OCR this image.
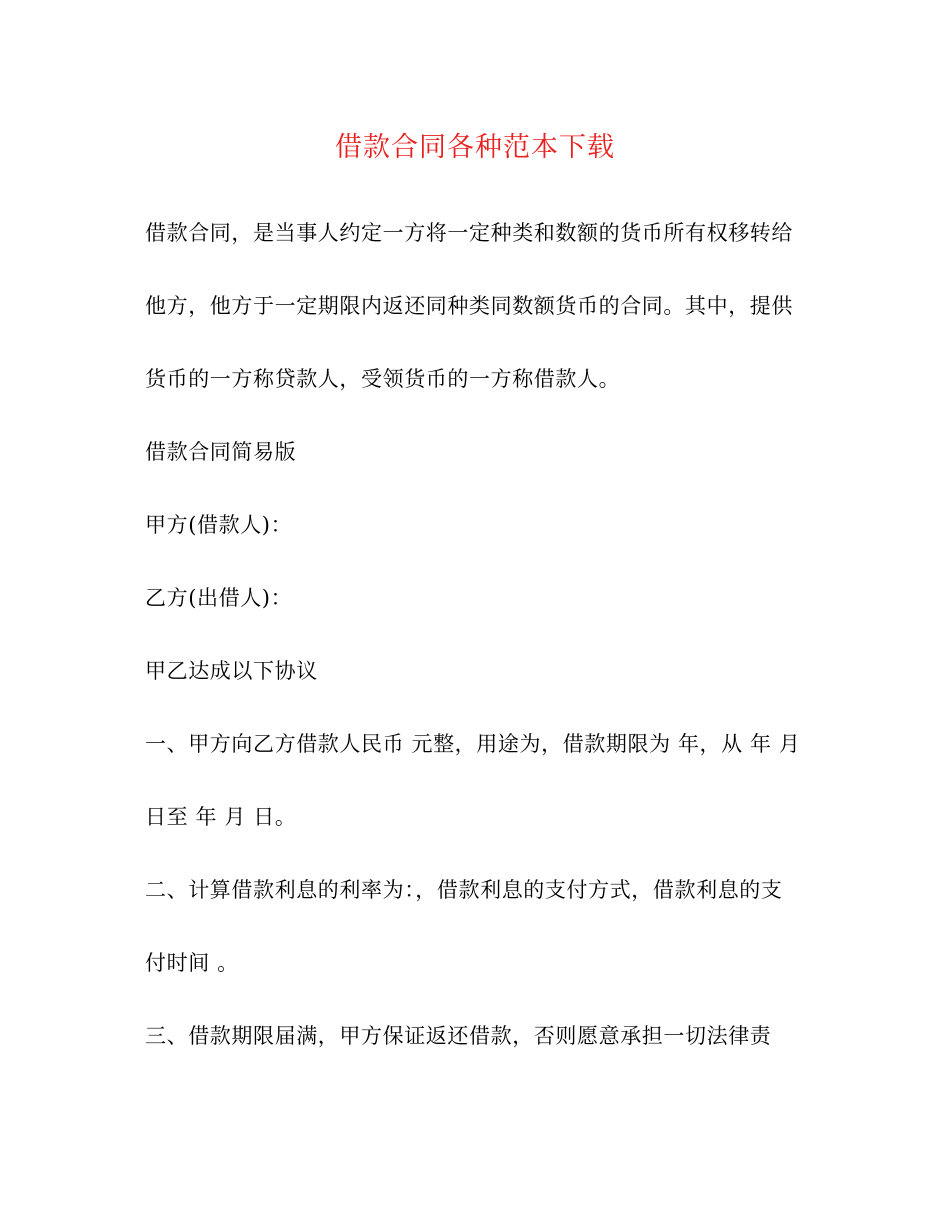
借款合同各种范本下载
借款合同，是当事人约定一方将一定种类和数额的货币所有权移转给
他方，他方于一定期限内返还同种类同数额货币的合同。其中，提供
货币的一方称贷款人，受领货币的一方称借款人。
借款合同简易版
甲方(借款人)：
乙方(出借人)：
甲乙达成以下协议
一、甲方向乙方借款人民币 元整，用途为，借款期限为 年，从 年 月
日至 年 月 日。
二、计算借款利息的利率为：，借款利息的支付方式，借款利息的支
付时间 。
三、借款期限届满，甲方保证返还借款，否则愿意承担一切法律责
